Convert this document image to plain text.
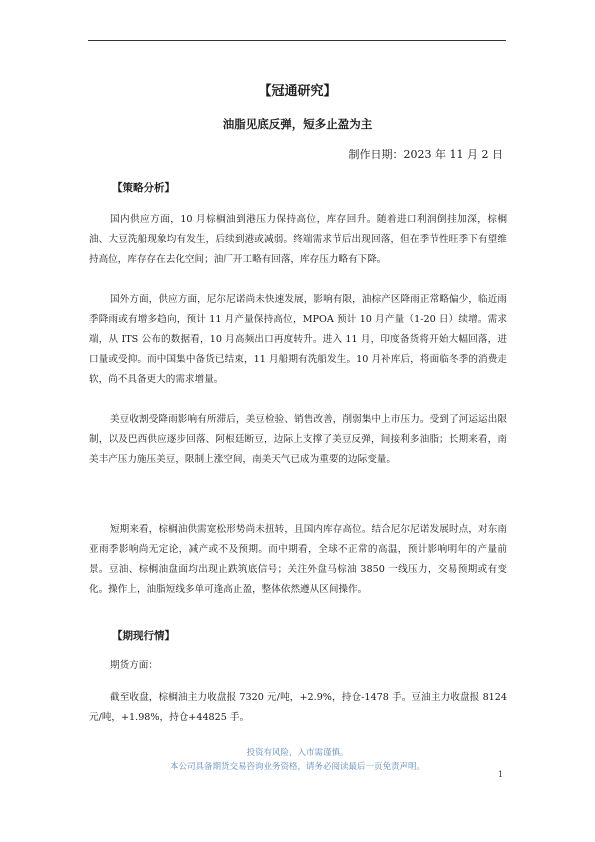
【冠通研究】
油脂见底反弹，短多止盈为主
制作日期：2023 年 11 月 2 日
【策略分析】

国内供应方面，10 月棕榈油到港压力保持高位，库存回升。随着进口利润倒挂加深，棕榈油、大豆洗船现象均有发生，后续到港或减弱。终端需求节后出现回落，但在季节性旺季下有望维持高位，库存存在去化空间；油厂开工略有回落，库存压力略有下降。

国外方面，供应方面，尼尔尼诺尚未快速发展，影响有限，油棕产区降雨正常略偏少，临近雨季降雨或有增多趋向，预计 11 月产量保持高位，MPOA 预计 10 月产量（1-20 日）续增。需求端，从 ITS 公布的数据看，10 月高频出口再度转升。进入 11 月，印度备货将开始大幅回落，进口量或受抑。而中国集中备货已结束，11 月船期有洗船发生。10 月补库后，将面临冬季的消费走软，尚不具备更大的需求增量。

美豆收割受降雨影响有所滞后，美豆检验、销售改善，削弱集中上市压力。受到了河运运出限制，以及巴西供应逐步回落、阿根廷断豆，边际上支撑了美豆反弹，间接利多油脂；长期来看，南美丰产压力施压美豆，限制上涨空间，南美天气已成为重要的边际变量。

短期来看，棕榈油供需宽松形势尚未扭转，且国内库存高位。结合尼尔尼诺发展时点，对东南亚雨季影响尚无定论，减产或不及预期。而中期看，全球不正常的高温，预计影响明年的产量前景。豆油、棕榈油盘面均出现止跌筑底信号；关注外盘马棕油 3850 一线压力，交易预期或有变化。操作上，油脂短线多单可逢高止盈，整体依然遵从区间操作。

【期现行情】

期货方面：

截至收盘，棕榈油主力收盘报 7320 元/吨，+2.9%，持仓-1478 手。豆油主力收盘报 8124 元/吨，+1.98%，持仓+44825 手。

投资有风险，入市需谨慎。
本公司具备期货交易咨询业务资格，请务必阅读最后一页免责声明。
1
